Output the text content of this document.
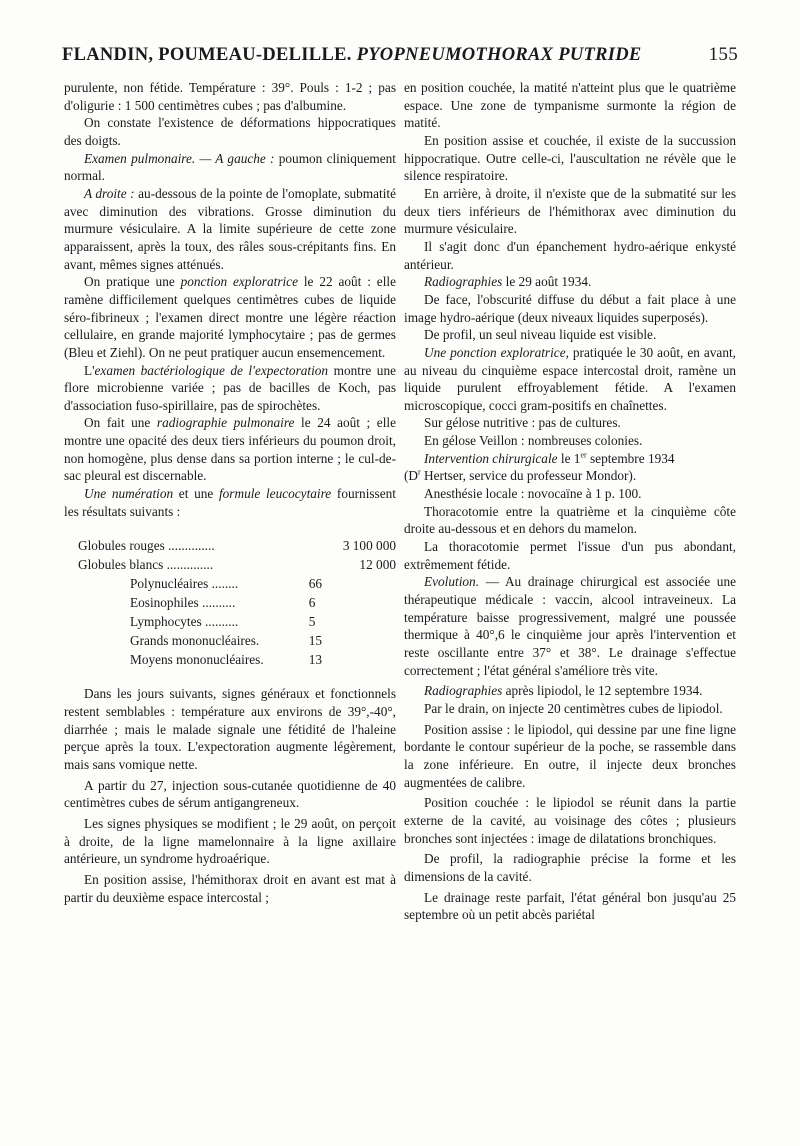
FLANDIN, POUMEAU-DELILLE. PYOPNEUMOTHORAX PUTRIDE	155

purulente, non fétide. Température : 39°. Pouls : 1-2 ; pas d'oligurie : 1 500 centimètres cubes ; pas d'albumine.

On constate l'existence de déformations hippocratiques des doigts.

Examen pulmonaire. — A gauche : poumon cliniquement normal.

A droite : au-dessous de la pointe de l'omoplate, submatité avec diminution des vibrations. Grosse diminution du murmure vésiculaire. A la limite supérieure de cette zone apparaissent, après la toux, des râles sous-crépitants fins. En avant, mêmes signes atténués.

On pratique une ponction exploratrice le 22 août : elle ramène difficilement quelques centimètres cubes de liquide séro-fibrineux ; l'examen direct montre une légère réaction cellulaire, en grande majorité lymphocytaire ; pas de germes (Bleu et Ziehl). On ne peut pratiquer aucun ensemencement.

L'examen bactériologique de l'expectoration montre une flore microbienne variée ; pas de bacilles de Koch, pas d'association fuso-spirillaire, pas de spirochètes.

On fait une radiographie pulmonaire le 24 août ; elle montre une opacité des deux tiers inférieurs du poumon droit, non homogène, plus dense dans sa portion interne ; le cul-de-sac pleural est discernable.

Une numération et une formule leucocytaire fournissent les résultats suivants :

Globules rouges ..............		3 100 000
Globules blancs ..............		12 000
Polynucléaires ........	66	
Eosinophiles ..........	6	
Lymphocytes ..........	5	
Grands mononucléaires.	15	
Moyens mononucléaires.	13	

Dans les jours suivants, signes généraux et fonctionnels restent semblables : température aux environs de 39°,-40°, diarrhée ; mais le malade signale une fétidité de l'haleine perçue après la toux. L'expectoration augmente légèrement, mais sans vomique nette.

A partir du 27, injection sous-cutanée quotidienne de 40 centimètres cubes de sérum antigangreneux.

Les signes physiques se modifient ; le 29 août, on perçoit à droite, de la ligne mamelonnaire à la ligne axillaire antérieure, un syndrome hydroaérique.

En position assise, l'hémithorax droit en avant est mat à partir du deuxième espace intercostal ;

en position couchée, la matité n'atteint plus que le quatrième espace. Une zone de tympanisme surmonte la région de matité.

En position assise et couchée, il existe de la succussion hippocratique. Outre celle-ci, l'auscultation ne révèle que le silence respiratoire.

En arrière, à droite, il n'existe que de la submatité sur les deux tiers inférieurs de l'hémithorax avec diminution du murmure vésiculaire.

Il s'agit donc d'un épanchement hydro-aérique enkysté antérieur.

Radiographies le 29 août 1934.

De face, l'obscurité diffuse du début a fait place à une image hydro-aérique (deux niveaux liquides superposés).

De profil, un seul niveau liquide est visible.

Une ponction exploratrice, pratiquée le 30 août, en avant, au niveau du cinquième espace intercostal droit, ramène un liquide purulent effroyablement fétide. A l'examen microscopique, cocci gram-positifs en chaînettes.

Sur gélose nutritive : pas de cultures.

En gélose Veillon : nombreuses colonies.

Intervention chirurgicale le 1er septembre 1934

($D^r$ Hertser, service du professeur Mondor).

Anesthésie locale : novocaïne à 1 p. 100.

Thoracotomie entre la quatrième et la cinquième côte droite au-dessous et en dehors du mamelon.

La thoracotomie permet l'issue d'un pus abondant, extrêmement fétide.

Evolution. — Au drainage chirurgical est associée une thérapeutique médicale : vaccin, alcool intraveineux. La température baisse progressivement, malgré une poussée thermique à 40°,6 le cinquième jour après l'intervention et reste oscillante entre 37° et 38°. Le drainage s'effectue correctement ; l'état général s'améliore très vite.

Radiographies après lipiodol, le 12 septembre 1934.

Par le drain, on injecte 20 centimètres cubes de lipiodol.

Position assise : le lipiodol, qui dessine par une fine ligne bordante le contour supérieur de la poche, se rassemble dans la zone inférieure. En outre, il injecte deux bronches augmentées de calibre.

Position couchée : le lipiodol se réunit dans la partie externe de la cavité, au voisinage des côtes ; plusieurs bronches sont injectées : image de dilatations bronchiques.

De profil, la radiographie précise la forme et les dimensions de la cavité.

Le drainage reste parfait, l'état général bon jusqu'au 25 septembre où un petit abcès pariétal
